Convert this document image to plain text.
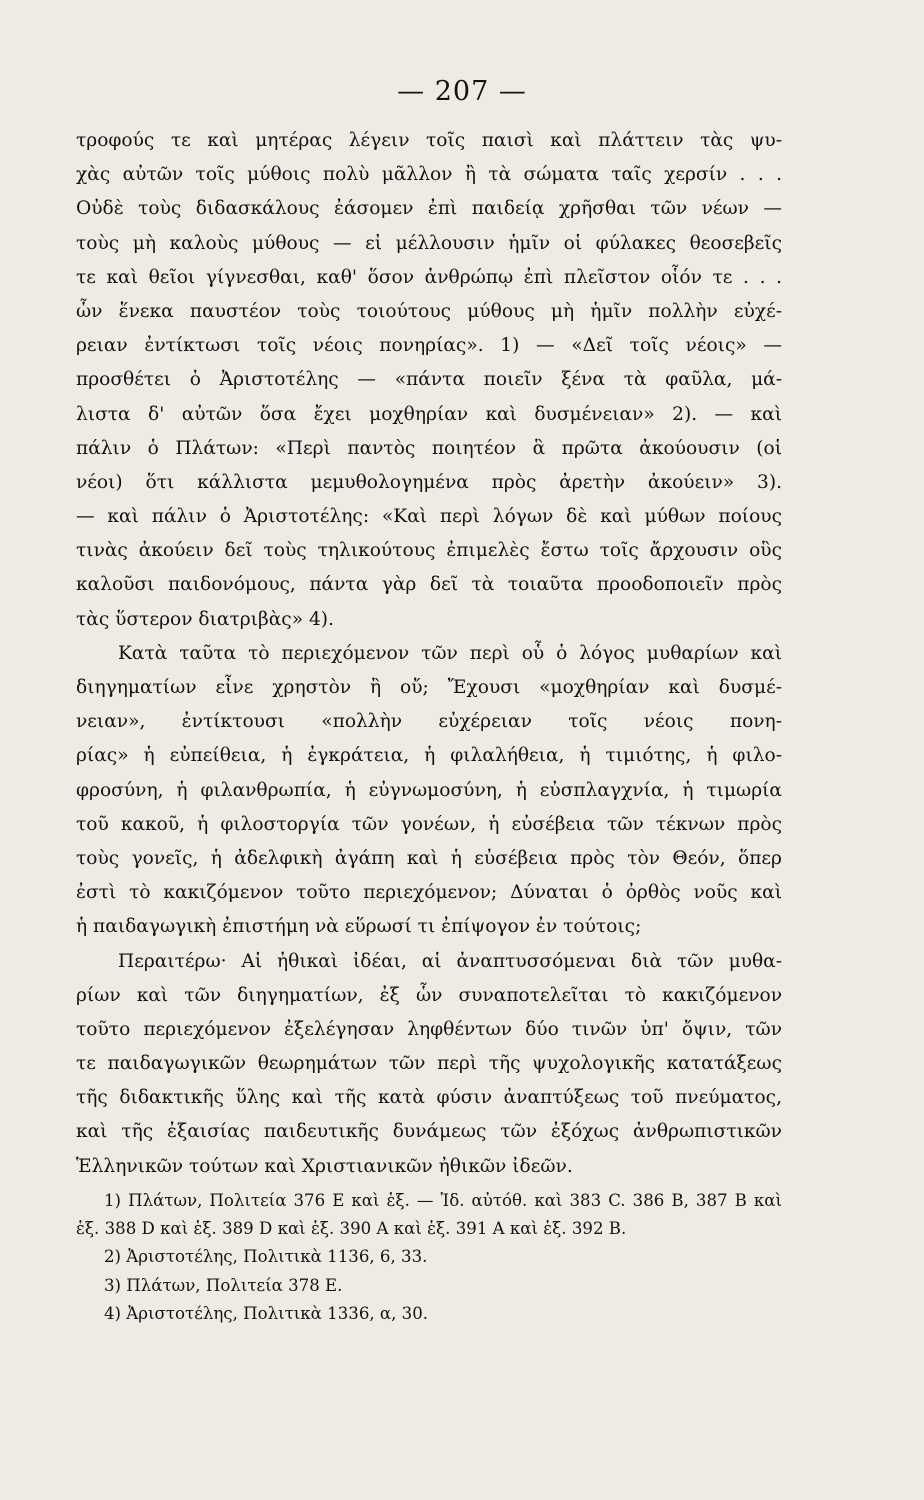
— 207 —
τροφούς τε καὶ μητέρας λέγειν τοῖς παισὶ καὶ πλάττειν τὰς ψυ-
χὰς αὐτῶν τοῖς μύθοις πολὺ μᾶλλον ἢ τὰ σώματα ταῖς χερσίν . . .
Οὐδὲ τοὺς διδασκάλους ἐάσομεν ἐπὶ παιδείᾳ χρῆσθαι τῶν νέων —
τοὺς μὴ καλοὺς μύθους — εἰ μέλλουσιν ἡμῖν οἱ φύλακες θεοσεβεῖς
τε καὶ θεῖοι γίγνεσθαι, καθ' ὅσον ἀνθρώπῳ ἐπὶ πλεῖστον οἷόν τε . . .
ὧν ἕνεκα παυστέον τοὺς τοιούτους μύθους μὴ ἡμῖν πολλὴν εὐχέ-
ρειαν ἐντίκτωσι τοῖς νέοις πονηρίας». 1) — «Δεῖ τοῖς νέοις» —
προσθέτει ὁ Ἀριστοτέλης — «πάντα ποιεῖν ξένα τὰ φαῦλα, μά-
λιστα δ' αὐτῶν ὅσα ἔχει μοχθηρίαν καὶ δυσμένειαν» 2). — καὶ
πάλιν ὁ Πλάτων: «Περὶ παντὸς ποιητέον ἃ πρῶτα ἀκούουσιν (οἱ
νέοι) ὅτι κάλλιστα μεμυθολογημένα πρὸς ἀρετὴν ἀκούειν» 3).
— καὶ πάλιν ὁ Ἀριστοτέλης: «Καὶ περὶ λόγων δὲ καὶ μύθων ποίους
τινὰς ἀκούειν δεῖ τοὺς τηλικούτους ἐπιμελὲς ἔστω τοῖς ἄρχουσιν οὓς
καλοῦσι παιδονόμους, πάντα γὰρ δεῖ τὰ τοιαῦτα προοδοποιεῖν πρὸς
τὰς ὕστερον διατριβὰς» 4).
Κατὰ ταῦτα τὸ περιεχόμενον τῶν περὶ οὗ ὁ λόγος μυθαρίων καὶ
διηγηματίων εἶνε χρηστὸν ἢ οὔ; Ἔχουσι «μοχθηρίαν καὶ δυσμέ-
νειαν», ἐντίκτουσι «πολλὴν εὐχέρειαν τοῖς νέοις πονη-
ρίας» ἡ εὐπείθεια, ἡ ἐγκράτεια, ἡ φιλαλήθεια, ἡ τιμιότης, ἡ φιλο-
φροσύνη, ἡ φιλανθρωπία, ἡ εὐγνωμοσύνη, ἡ εὐσπλαγχνία, ἡ τιμωρία
τοῦ κακοῦ, ἡ φιλοστοργία τῶν γονέων, ἡ εὐσέβεια τῶν τέκνων πρὸς
τοὺς γονεῖς, ἡ ἀδελφικὴ ἀγάπη καὶ ἡ εὐσέβεια πρὸς τὸν Θεόν, ὅπερ
ἐστὶ τὸ κακιζόμενον τοῦτο περιεχόμενον; Δύναται ὁ ὀρθὸς νοῦς καὶ
ἡ παιδαγωγικὴ ἐπιστήμη νὰ εὕρωσί τι ἐπίψογον ἐν τούτοις;
Περαιτέρω· Αἱ ἠθικαὶ ἰδέαι, αἱ ἀναπτυσσόμεναι διὰ τῶν μυθα-
ρίων καὶ τῶν διηγηματίων, ἐξ ὧν συναποτελεῖται τὸ κακιζόμενον
τοῦτο περιεχόμενον ἐξελέγησαν ληφθέντων δύο τινῶν ὑπ' ὄψιν, τῶν
τε παιδαγωγικῶν θεωρημάτων τῶν περὶ τῆς ψυχολογικῆς κατατάξεως
τῆς διδακτικῆς ὕλης καὶ τῆς κατὰ φύσιν ἀναπτύξεως τοῦ πνεύματος,
καὶ τῆς ἐξαισίας παιδευτικῆς δυνάμεως τῶν ἐξόχως ἀνθρωπιστικῶν
Ἑλληνικῶν τούτων καὶ Χριστιανικῶν ἠθικῶν ἰδεῶν.
1) Πλάτων, Πολιτεία 376 Ε καὶ ἑξ. — Ἰδ. αὐτόθ. καὶ 383 C. 386 Β, 387 Β καὶ
ἑξ. 388 D καὶ ἑξ. 389 D καὶ ἑξ. 390 Α καὶ ἑξ. 391 Α καὶ ἑξ. 392 Β.
2) Ἀριστοτέλης, Πολιτικὰ 1136, 6, 33.
3) Πλάτων, Πολιτεία 378 Ε.
4) Ἀριστοτέλης, Πολιτικὰ 1336, α, 30.
